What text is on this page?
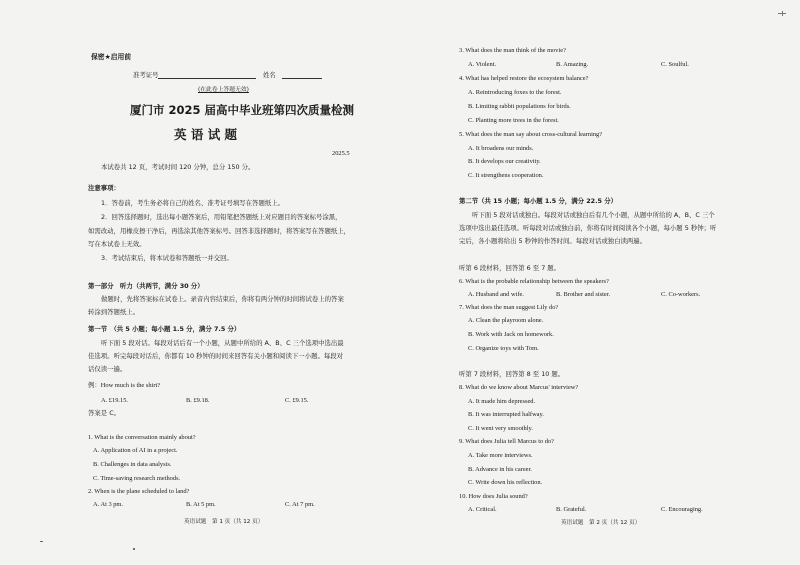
保密★启用前
准考证号	姓名
(在此卷上答题无效)
厦门市 2025 届高中毕业班第四次质量检测
英 语 试 题
2025.5
本试卷共 12 页，考试时间 120 分钟，总分 150 分。
注意事项：
1．答卷前，考生务必将自己的姓名、准考证号填写在答题纸上。
2．回答选择题时，选出每小题答案后，用铅笔把答题纸上对应题目的答案标号涂黑，
如需改动，用橡皮擦干净后，再选涂其他答案标号。回答非选择题时，将答案写在答题纸上，
写在本试卷上无效。
3．考试结束后，将本试卷和答题纸一并交回。
第一部分　听力（共两节，满分 30 分）
做题时，先将答案标在试卷上。录音内容结束后，你将有两分钟的时间将试卷上的答案
转涂到答题纸上。
第一节　（共 5 小题；每小题 1.5 分，满分 7.5 分）
听下面 5 段对话。每段对话后有一个小题，从题中所给的 A、B、C 三个选项中选出最
佳选项。听完每段对话后，你都有 10 秒钟的时间来回答有关小题和阅读下一小题。每段对
话仅读一遍。
例：How much is the shirt?
A. £19.15.	B. £9.18.	C. £9.15.
答案是 C。
1. What is the conversation mainly about?
A. Application of AI in a project.
B. Challenges in data analysis.
C. Time-saving research methods.
2. When is the plane scheduled to land?
A. At 3 pm.	B. At 5 pm.	C. At 7 pm.
英语试题　第 1 页（共 12 页）
3. What does the man think of the movie?
A. Violent.	B. Amazing.	C. Soulful.
4. What has helped restore the ecosystem balance?
A. Reintroducing foxes to the forest.
B. Limiting rabbit populations for birds.
C. Planting more trees in the forest.
5. What does the man say about cross-cultural learning?
A. It broadens our minds.
B. It develops our creativity.
C. It strengthens cooperation.
第二节（共 15 小题；每小题 1.5 分，满分 22.5 分）
听下面 5 段对话或独白。每段对话或独白后有几个小题，从题中所给的 A、B、C 三个
选项中选出最佳选项。听每段对话或独白前，你将有时间阅读各个小题，每小题 5 秒钟；听
完后，各小题将给出 5 秒钟的作答时间。每段对话或独白读两遍。
听第 6 段材料，回答第 6 至 7 题。
6. What is the probable relationship between the speakers?
A. Husband and wife.	B. Brother and sister.	C. Co-workers.
7. What does the man suggest Lily do?
A. Clean the playroom alone.
B. Work with Jack on homework.
C. Organize toys with Tom.
听第 7 段材料，回答第 8 至 10 题。
8. What do we know about Marcus' interview?
A. It made him depressed.
B. It was interrupted halfway.
C. It went very smoothly.
9. What does Julia tell Marcus to do?
A. Take more interviews.
B. Advance in his career.
C. Write down his reflection.
10. How does Julia sound?
A. Critical.	B. Grateful.	C. Encouraging.
英语试题　第 2 页（共 12 页）
